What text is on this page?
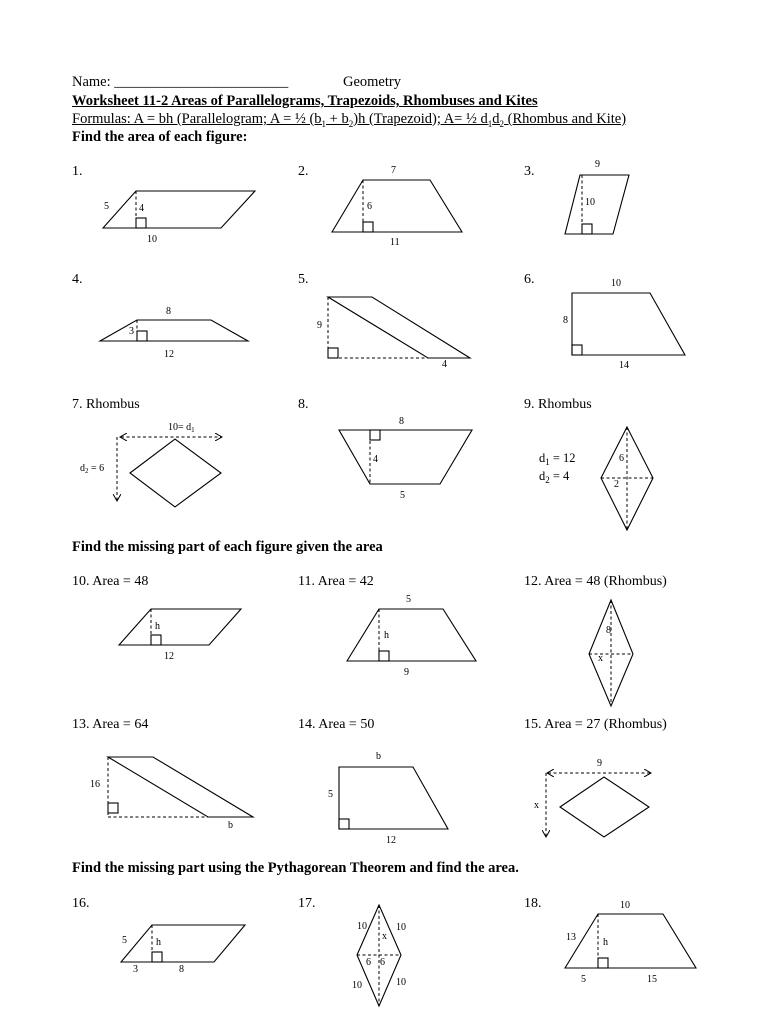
Name: ________________________	Geometry
Worksheet 11-2 Areas of Parallelograms, Trapezoids, Rhombuses and Kites
Formulas: A = bh (Parallelogram; A = ½ $(b_1 + b_2)h$ (Trapezoid); A= ½ $d_1d_2$ (Rhombus and Kite)
Find the area of each figure:
1.	2.	3.
4.	5.	6.
7. Rhombus	8.	9. Rhombus
Find the missing part of each figure given the area
10. Area = 48	11. Area = 42	12. Area = 48 (Rhombus)
13. Area = 64	14. Area = 50	15. Area = 27 (Rhombus)
Find the missing part using the Pythagorean Theorem and find the area.
16.	17.	18.
5	4
10
7
6
11
9
10
8
3
12
9
4
10
8
14
$10= d_1$
$d_2 = 6$
8
4
5
$d_1 = 12$
$d_2 = 4$
6
2
h
12
5
h
9
8
x
16
b
b
5
12
9
x
5	h
3	8
10	10
10	10
x
6 6
10
13	h
5	15
